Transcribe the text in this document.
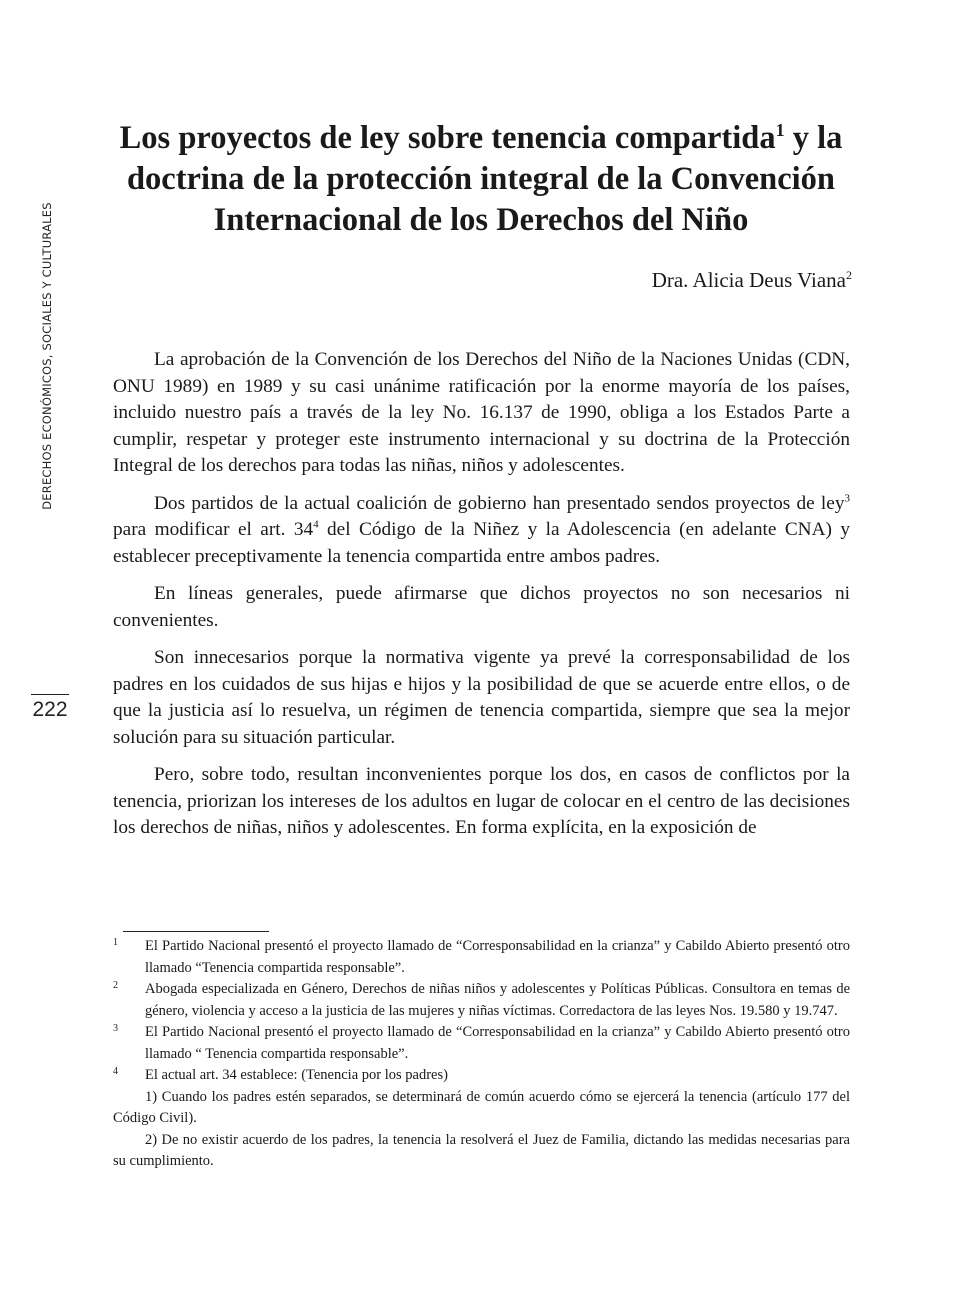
DERECHOS ECONÓMICOS, SOCIALES Y CULTURALES
222
Los proyectos de ley sobre tenencia compartida$^1$ y la doctrina de la protección integral de la Convención Internacional de los Derechos del Niño
Dra. Alicia Deus Viana$^2$

La aprobación de la Convención de los Derechos del Niño de la Naciones Unidas (CDN, ONU 1989) en 1989 y su casi unánime ratificación por la enorme mayoría de los países, incluido nuestro país a través de la ley No. 16.137 de 1990, obliga a los Estados Parte a cumplir, respetar y proteger este instrumento internacional y su doctrina de la Protección Integral de los derechos para todas las niñas, niños y adolescentes.

Dos partidos de la actual coalición de gobierno han presentado sendos proyectos de ley$^3$ para modificar el art. $34^4$ del Código de la Niñez y la Adolescencia (en adelante CNA) y establecer preceptivamente la tenencia compartida entre ambos padres.

En líneas generales, puede afirmarse que dichos proyectos no son necesarios ni convenientes.

Son innecesarios porque la normativa vigente ya prevé la corresponsabilidad de los padres en los cuidados de sus hijas e hijos y la posibilidad de que se acuerde entre ellos, o de que la justicia así lo resuelva, un régimen de tenencia compartida, siempre que sea la mejor solución para su situación particular.

Pero, sobre todo, resultan inconvenientes porque los dos, en casos de conflictos por la tenencia, priorizan los intereses de los adultos en lugar de colocar en el centro de las decisiones los derechos de niñas, niños y adolescentes. En forma explícita, en la exposición de

1	El Partido Nacional presentó el proyecto llamado de “Corresponsabilidad en la crianza” y Cabildo Abierto presentó otro llamado “Tenencia compartida responsable”.
2	Abogada especializada en Género, Derechos de niñas niños y adolescentes y Políticas Públicas. Consultora en temas de género, violencia y acceso a la justicia de las mujeres y niñas víctimas. Corredactora de las leyes Nos. 19.580 y 19.747.
3	El Partido Nacional presentó el proyecto llamado de “Corresponsabilidad en la crianza” y Cabildo Abierto presentó otro llamado “ Tenencia compartida responsable”.
4	El actual art. 34 establece: (Tenencia por los padres)

1) Cuando los padres estén separados, se determinará de común acuerdo cómo se ejercerá la tenencia (artículo 177 del Código Civil).

2) De no existir acuerdo de los padres, la tenencia la resolverá el Juez de Familia, dictando las medidas necesarias para su cumplimiento.
